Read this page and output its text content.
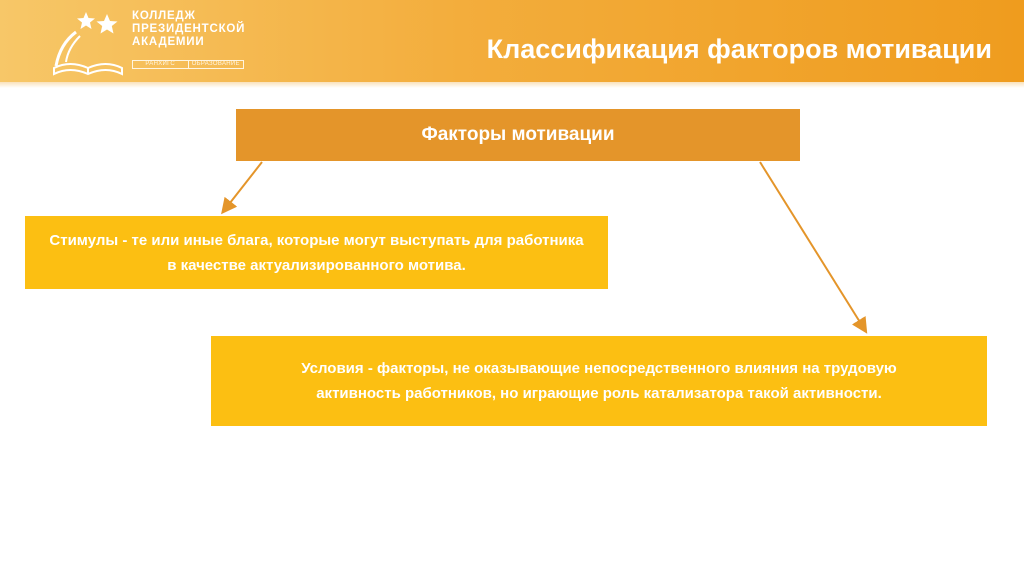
КОЛЛЕДЖ
ПРЕЗИДЕНТСКОЙ
АКАДЕМИИ
РАНХИГС	ОБРАЗОВАНИЕ	Классификация факторов мотивации
Факторы мотивации
Стимулы - те или иные блага, которые могут выступать для работника в качестве актуализированного мотива.
Условия - факторы, не оказывающие непосредственного влияния на трудовую активность работников, но играющие роль катализатора такой активности.
